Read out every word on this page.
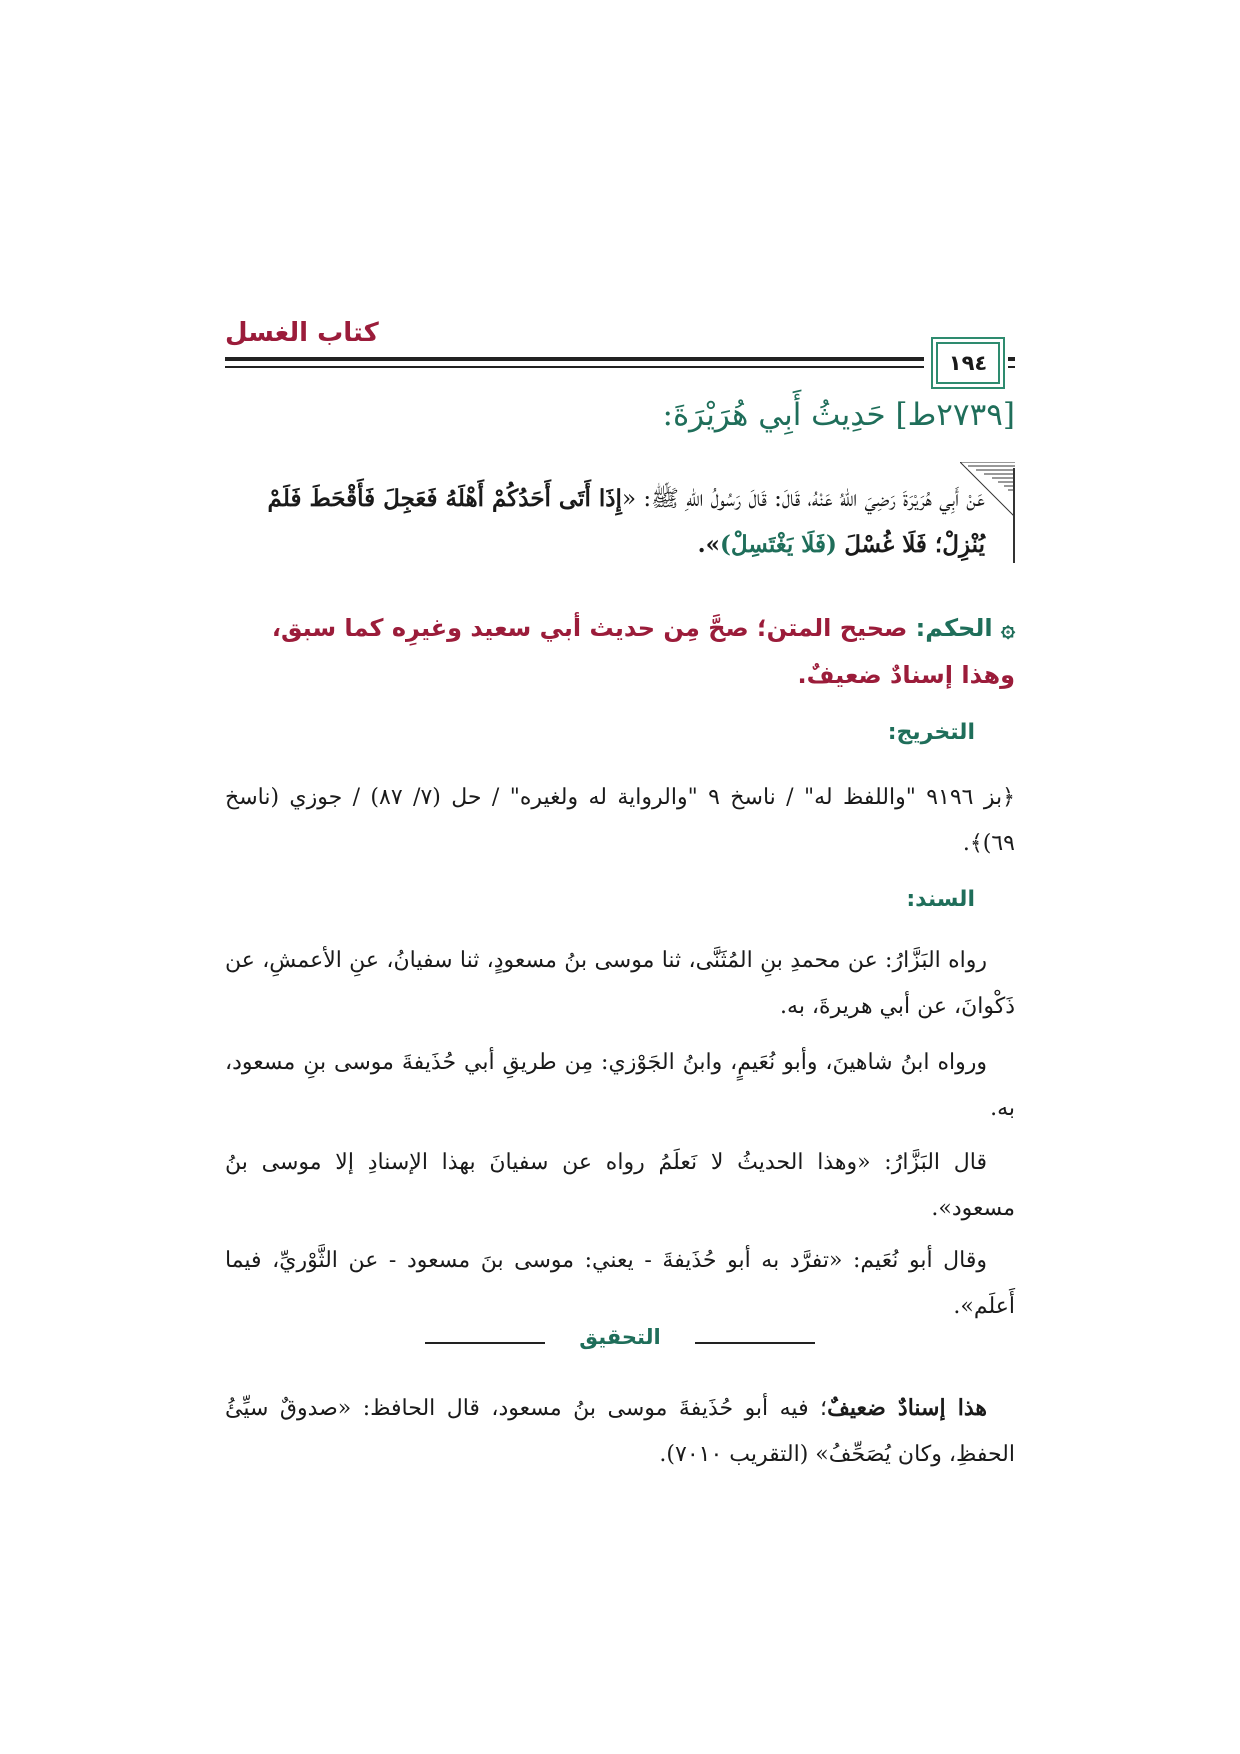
كتاب الغسل
١٩٤
[٢٧٣٩ط] حَدِيثُ أَبِي هُرَيْرَةَ:
عَنْ أَبِي هُرَيْرَةَ رَضِيَ اللهُ عَنْهُ، قَالَ: قَالَ رَسُولُ اللهِ ﷺ: «إِذَا أَتَى أَحَدُكُمْ أَهْلَهُ فَعَجِلَ فَأَقْحَطَ فَلَمْ يُنْزِلْ؛ فَلَا غُسْلَ (فَلَا يَغْتَسِلْ)».
۞ الحكم: صحيح المتن؛ صحَّ مِن حديث أبي سعيد وغيرِه كما سبق، وهذا إسنادٌ ضعيفٌ.
التخريج:
﴿بز ٩١٩٦ "واللفظ له" / ناسخ ٩ "والرواية له ولغيره" / حل (٧/ ٨٧) / جوزي (ناسخ ٦٩)﴾.
السند:
رواه البَزَّارُ: عن محمدِ بنِ المُثَنَّى، ثنا موسى بنُ مسعودٍ، ثنا سفيانُ، عنِ الأعمشِ، عن ذَكْوانَ، عن أبي هريرةَ، به.
ورواه ابنُ شاهينَ، وأبو نُعَيمٍ، وابنُ الجَوْزي: مِن طريقِ أبي حُذَيفةَ موسى بنِ مسعود، به.
قال البَزَّارُ: «وهذا الحديثُ لا نَعلَمُ رواه عن سفيانَ بهذا الإسنادِ إلا موسى بنُ مسعود».
وقال أبو نُعَيم: «تفرَّد به أبو حُذَيفةَ - يعني: موسى بنَ مسعود - عن الثَّوْريِّ، فيما أَعلَم».
التحقيق
هذا إسنادٌ ضعيفٌ؛ فيه أبو حُذَيفةَ موسى بنُ مسعود، قال الحافظ: «صدوقٌ سيِّئُ الحفظِ، وكان يُصَحِّفُ» (التقريب ٧٠١٠).
